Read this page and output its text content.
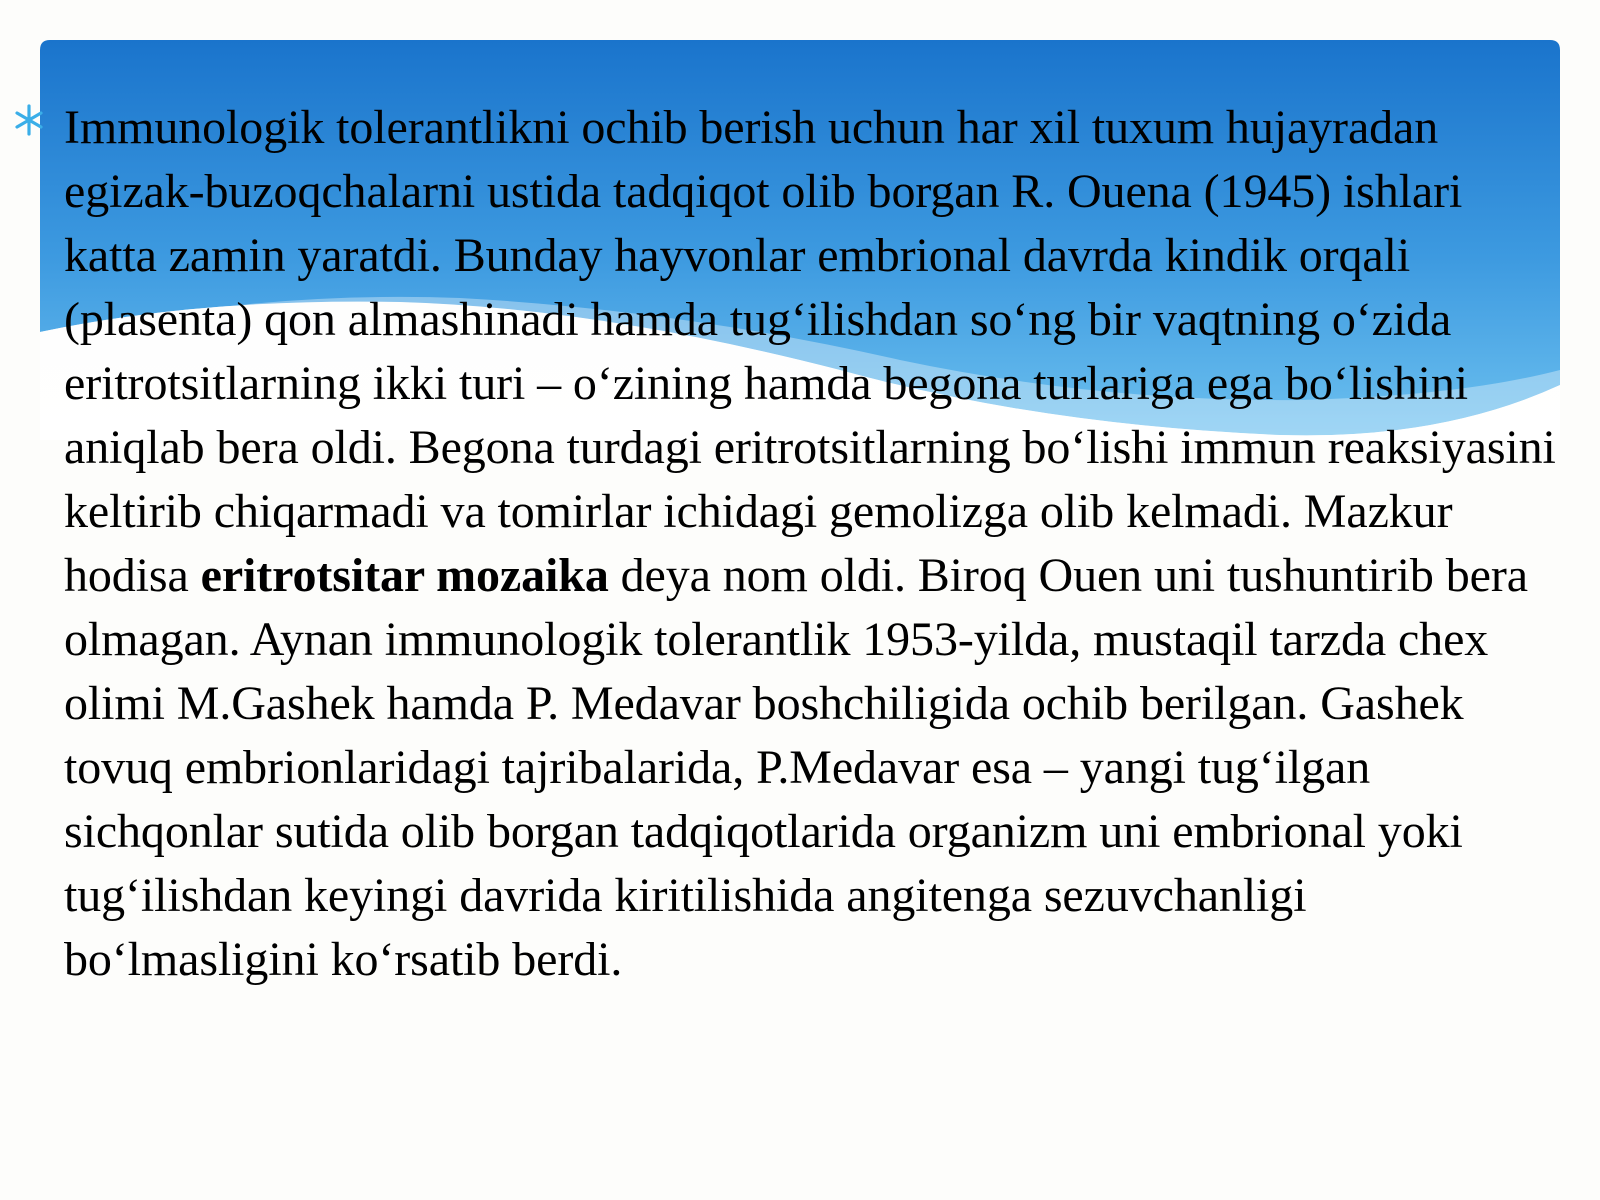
Immunologik tolerantlikni ochib berish uchun har xil tuxum hujayradan egizak-buzoqchalarni ustida tadqiqot olib borgan R. Ouena (1945) ishlari katta zamin yaratdi. Bunday hayvonlar embrional davrda kindik orqali (plasenta) qon almashinadi hamda tug‘ilishdan so‘ng bir vaqtning o‘zida eritrotsitlarning ikki turi – o‘zining hamda begona turlariga ega bo‘lishini aniqlab bera oldi. Begona turdagi eritrotsitlarning bo‘lishi immun reaksiyasini keltirib chiqarmadi va tomirlar ichidagi gemolizga olib kelmadi. Mazkur hodisa eritrotsitar mozaika deya nom oldi. Biroq Ouen uni tushuntirib bera olmagan. Aynan immunologik tolerantlik 1953-yilda, mustaqil tarzda chex olimi M.Gashek hamda P. Medavar boshchiligida ochib berilgan. Gashek tovuq embrionlaridagi tajribalarida, P.Medavar esa – yangi tug‘ilgan sichqonlar sutida olib borgan tadqiqotlarida organizm uni embrional yoki tug‘ilishdan keyingi davrida kiritilishida angitenga sezuvchanligi bo‘lmasligini ko‘rsatib berdi.
